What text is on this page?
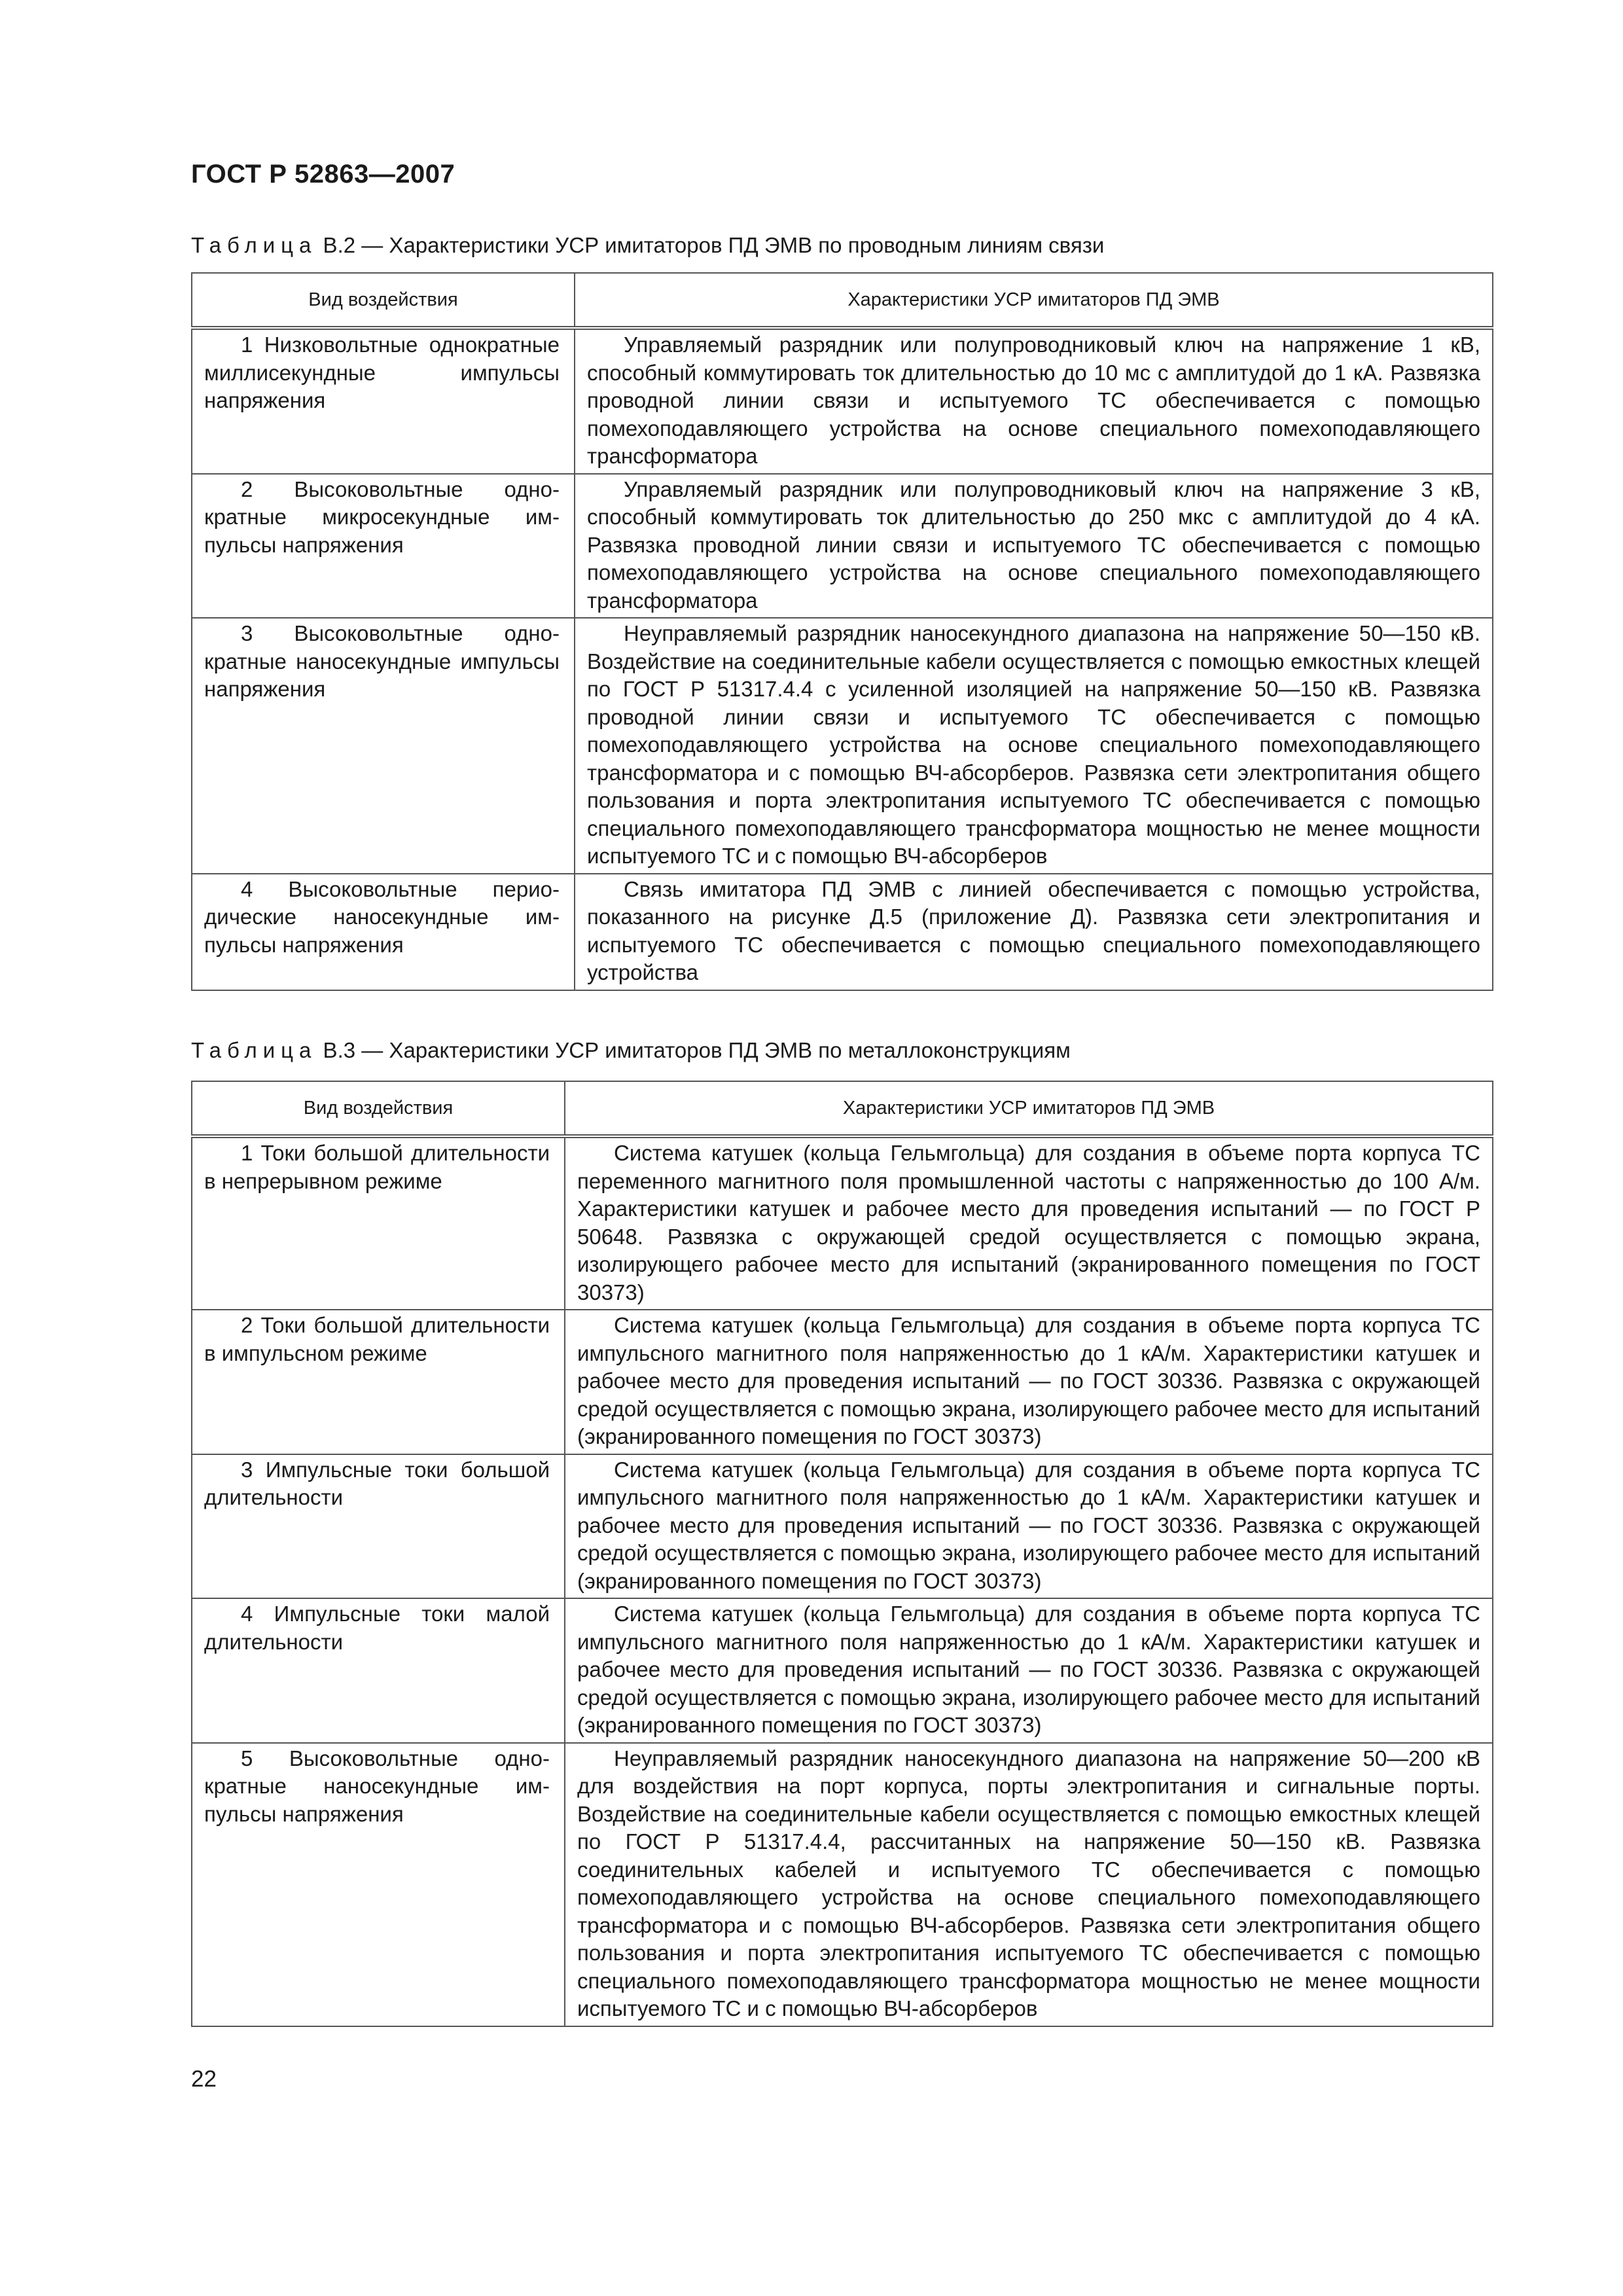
ГОСТ Р 52863—2007
Таблица В.2 — Характеристики УСР имитаторов ПД ЭМВ по проводным линиям связи
Вид воздействия	Характеристики УСР имитаторов ПД ЭМВ

1 Низковольтные однократные миллисекундные импульсы напряжения	Управляемый разрядник или полупроводниковый ключ на напряжение 1 кВ, способный коммутировать ток длительностью до 10 мс с амплитудой до 1 кА. Развязка проводной линии связи и испытуемого ТС обеспечивается с помощью помехоподавляющего устройства на основе специального помехоподавляющего трансформатора

2 Высоковольтные однократные микросекундные импульсы напряжения	Управляемый разрядник или полупроводниковый ключ на напряжение 3 кВ, способный коммутировать ток длительностью до 250 мкс с амплитудой до 4 кА. Развязка проводной линии связи и испытуемого ТС обеспечивается с помощью помехоподавляющего устройства на основе специального помехоподавляющего трансформатора

3 Высоковольтные однократные наносекундные импульсы напряжения	Неуправляемый разрядник наносекундного диапазона на напряжение 50—150 кВ. Воздействие на соединительные кабели осуществляется с помощью емкостных клещей по ГОСТ Р 51317.4.4 с усиленной изоляцией на напряжение 50—150 кВ. Развязка проводной линии связи и испытуемого ТС обеспечивается с помощью помехоподавляющего устройства на основе специального помехоподавляющего трансформатора и с помощью ВЧ-абсорберов. Развязка сети электропитания общего пользования и порта электропитания испытуемого ТС обеспечивается с помощью специального помехоподавляющего трансформатора мощностью не менее мощности испытуемого ТС и с помощью ВЧ-абсорберов

4 Высоковольтные периодические наносекундные импульсы напряжения	Связь имитатора ПД ЭМВ с линией обеспечивается с помощью устройства, показанного на рисунке Д.5 (приложение Д). Развязка сети электропитания и испытуемого ТС обеспечивается с помощью специального помехоподавляющего устройства
Таблица В.3 — Характеристики УСР имитаторов ПД ЭМВ по металлоконструкциям
Вид воздействия	Характеристики УСР имитаторов ПД ЭМВ

1 Токи большой длительности в непрерывном режиме	Система катушек (кольца Гельмгольца) для создания в объеме порта корпуса ТС переменного магнитного поля промышленной частоты с напряженностью до 100 А/м. Характеристики катушек и рабочее место для проведения испытаний — по ГОСТ Р 50648. Развязка с окружающей средой осуществляется с помощью экрана, изолирующего рабочее место для испытаний (экранированного помещения по ГОСТ 30373)

2 Токи большой длительности в импульсном режиме	Система катушек (кольца Гельмгольца) для создания в объеме порта корпуса ТС импульсного магнитного поля напряженностью до 1 кА/м. Характеристики катушек и рабочее место для проведения испытаний — по ГОСТ 30336. Развязка с окружающей средой осуществляется с помощью экрана, изолирующего рабочее место для испытаний (экранированного помещения по ГОСТ 30373)

3 Импульсные токи большой длительности	Система катушек (кольца Гельмгольца) для создания в объеме порта корпуса ТС импульсного магнитного поля напряженностью до 1 кА/м. Характеристики катушек и рабочее место для проведения испытаний — по ГОСТ 30336. Развязка с окружающей средой осуществляется с помощью экрана, изолирующего рабочее место для испытаний (экранированного помещения по ГОСТ 30373)

4 Импульсные токи малой длительности	Система катушек (кольца Гельмгольца) для создания в объеме порта корпуса ТС импульсного магнитного поля напряженностью до 1 кА/м. Характеристики катушек и рабочее место для проведения испытаний — по ГОСТ 30336. Развязка с окружающей средой осуществляется с помощью экрана, изолирующего рабочее место для испытаний (экранированного помещения по ГОСТ 30373)

5 Высоковольтные однократные наносекундные импульсы напряжения	Неуправляемый разрядник наносекундного диапазона на напряжение 50—200 кВ для воздействия на порт корпуса, порты электропитания и сигнальные порты. Воздействие на соединительные кабели осуществляется с помощью емкостных клещей по ГОСТ Р 51317.4.4, рассчитанных на напряжение 50—150 кВ. Развязка соединительных кабелей и испытуемого ТС обеспечивается с помощью помехоподавляющего устройства на основе специального помехоподавляющего трансформатора и с помощью ВЧ-абсорберов. Развязка сети электропитания общего пользования и порта электропитания испытуемого ТС обеспечивается с помощью специального помехоподавляющего трансформатора мощностью не менее мощности испытуемого ТС и с помощью ВЧ-абсорберов
22
